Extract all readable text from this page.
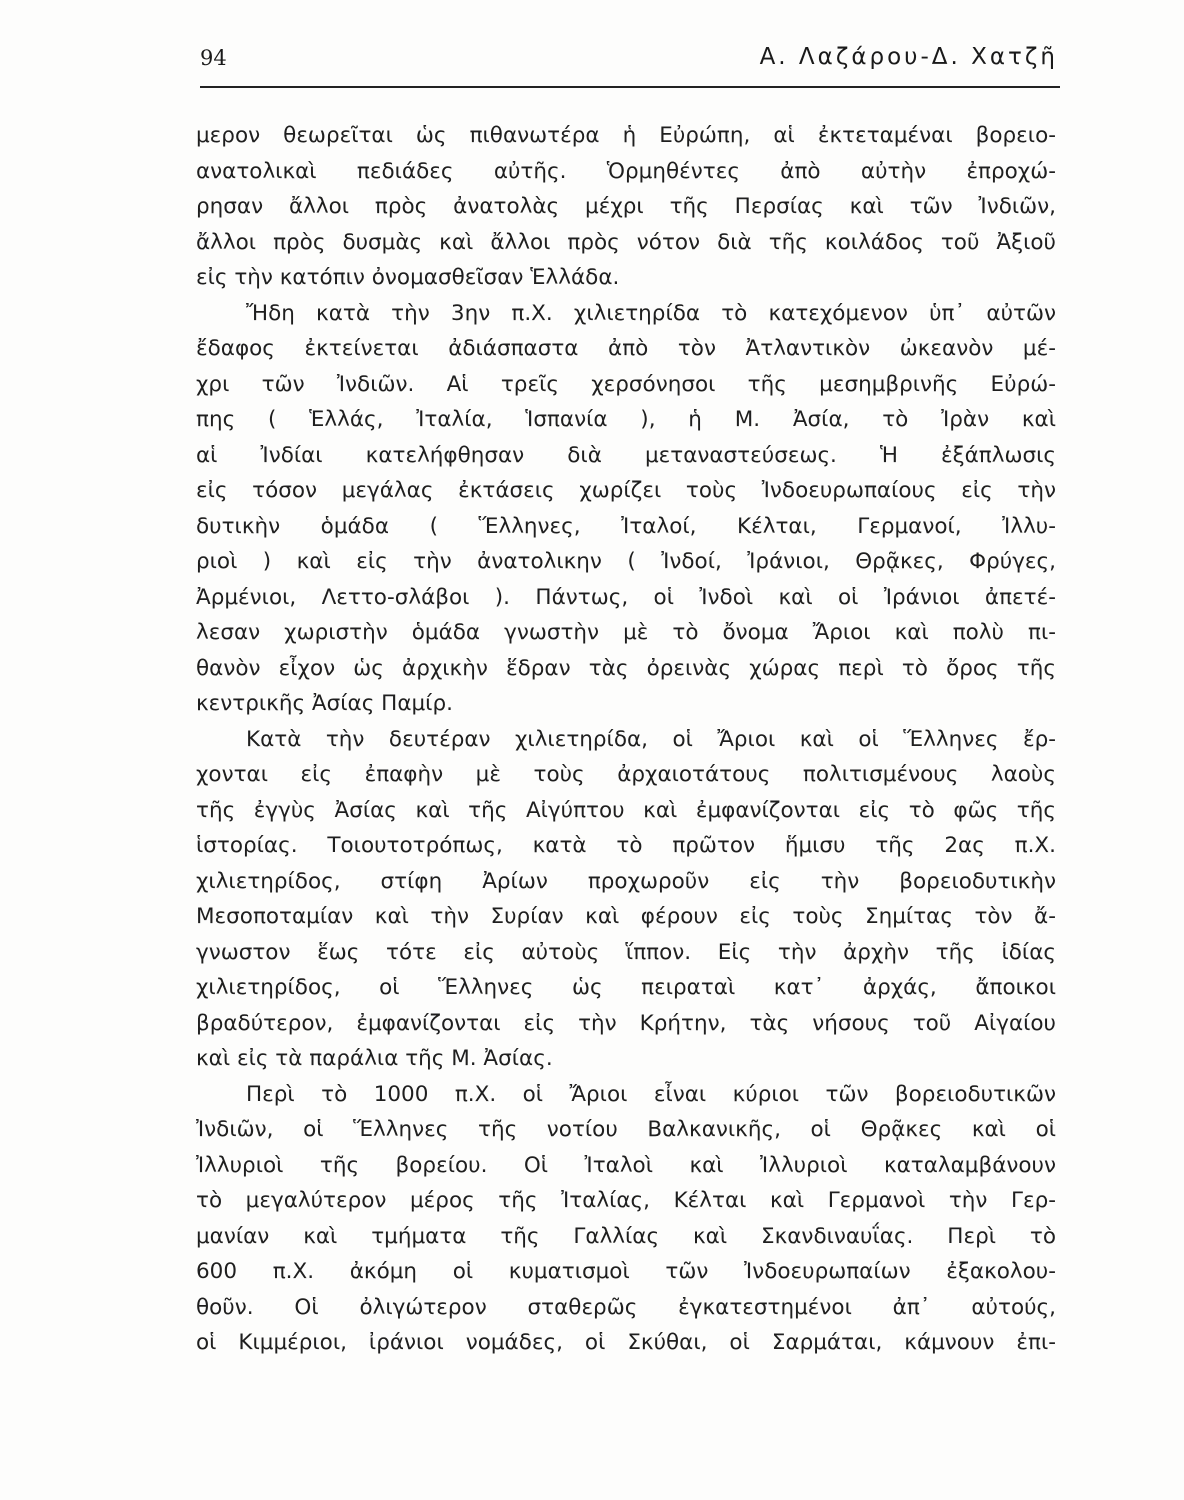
94	Α. Λαζάρου-Δ. Χατζῆ
μερον θεωρεῖται ὡς πιθανωτέρα ἡ Εὐρώπη, αἱ ἐκτεταμέναι βορειο-
ανατολικαὶ πεδιάδες αὐτῆς. Ὁρμηθέντες ἀπὸ αὐτὴν ἐπροχώ-
ρησαν ἄλλοι πρὸς ἀνατολὰς μέχρι τῆς Περσίας καὶ τῶν Ἰνδιῶν,
ἄλλοι πρὸς δυσμὰς καὶ ἄλλοι πρὸς νότον διὰ τῆς κοιλάδος τοῦ Ἀξιοῦ
εἰς τὴν κατόπιν ὀνομασθεῖσαν Ἑλλάδα.
Ἤδη κατὰ τὴν 3ην π.Χ. χιλιετηρίδα τὸ κατεχόμενον ὑπ᾽ αὐτῶν
ἔδαφος ἐκτείνεται ἀδιάσπαστα ἀπὸ τὸν Ἀτλαντικὸν ὠκεανὸν μέ-
χρι τῶν Ἰνδιῶν. Αἱ τρεῖς χερσόνησοι τῆς μεσημβρινῆς Εὐρώ-
πης ( Ἑλλάς, Ἰταλία, Ἱσπανία ), ἡ Μ. Ἀσία, τὸ Ἰρὰν καὶ
αἱ Ἰνδίαι κατελήφθησαν διὰ μεταναστεύσεως. Ἡ ἐξάπλωσις
εἰς τόσον μεγάλας ἐκτάσεις χωρίζει τοὺς Ἰνδοευρωπαίους εἰς τὴν
δυτικὴν ὁμάδα ( Ἕλληνες, Ἰταλοί, Κέλται, Γερμανοί, Ἰλλυ-
ριοὶ ) καὶ εἰς τὴν ἀνατολικην ( Ἰνδοί, Ἰράνιοι, Θρᾷκες, Φρύγες,
Ἀρμένιοι, Λεττο-σλάβοι ). Πάντως, οἱ Ἰνδοὶ καὶ οἱ Ἰράνιοι ἀπετέ-
λεσαν χωριστὴν ὁμάδα γνωστὴν μὲ τὸ ὄνομα Ἄριοι καὶ πολὺ πι-
θανὸν εἶχον ὡς ἀρχικὴν ἕδραν τὰς ὀρεινὰς χώρας περὶ τὸ ὄρος τῆς
κεντρικῆς Ἀσίας Παμίρ.
Κατὰ τὴν δευτέραν χιλιετηρίδα, οἱ Ἄριοι καὶ οἱ Ἕλληνες ἔρ-
χονται εἰς ἐπαφὴν μὲ τοὺς ἀρχαιοτάτους πολιτισμένους λαοὺς
τῆς ἐγγὺς Ἀσίας καὶ τῆς Αἰγύπτου καὶ ἐμφανίζονται εἰς τὸ φῶς τῆς
ἱστορίας. Τοιουτοτρόπως, κατὰ τὸ πρῶτον ἥμισυ τῆς 2ας π.Χ.
χιλιετηρίδος, στίφη Ἀρίων προχωροῦν εἰς τὴν βορειοδυτικὴν
Μεσοποταμίαν καὶ τὴν Συρίαν καὶ φέρουν εἰς τοὺς Σημίτας τὸν ἄ-
γνωστον ἕως τότε εἰς αὐτοὺς ἵππον. Εἰς τὴν ἀρχὴν τῆς ἰδίας
χιλιετηρίδος, οἱ Ἕλληνες ὡς πειραταὶ κατ᾽ ἀρχάς, ἄποικοι
βραδύτερον, ἐμφανίζονται εἰς τὴν Κρήτην, τὰς νήσους τοῦ Αἰγαίου
καὶ εἰς τὰ παράλια τῆς Μ. Ἀσίας.
Περὶ τὸ 1000 π.Χ. οἱ Ἄριοι εἶναι κύριοι τῶν βορειοδυτικῶν
Ἰνδιῶν, οἱ Ἕλληνες τῆς νοτίου Βαλκανικῆς, οἱ Θρᾷκες καὶ οἱ
Ἰλλυριοὶ τῆς βορείου. Οἱ Ἰταλοὶ καὶ Ἰλλυριοὶ καταλαμβάνουν
τὸ μεγαλύτερον μέρος τῆς Ἰταλίας, Κέλται καὶ Γερμανοὶ τὴν Γερ-
μανίαν καὶ τμήματα τῆς Γαλλίας καὶ Σκανδιναυΐας. Περὶ τὸ
600 π.Χ. ἀκόμη οἱ κυματισμοὶ τῶν Ἰνδοευρωπαίων ἐξακολου-
θοῦν. Οἱ ὀλιγώτερον σταθερῶς ἐγκατεστημένοι ἀπ᾽ αὐτούς,
οἱ Κιμμέριοι, ἰράνιοι νομάδες, οἱ Σκύθαι, οἱ Σαρμάται, κάμνουν ἐπι-
